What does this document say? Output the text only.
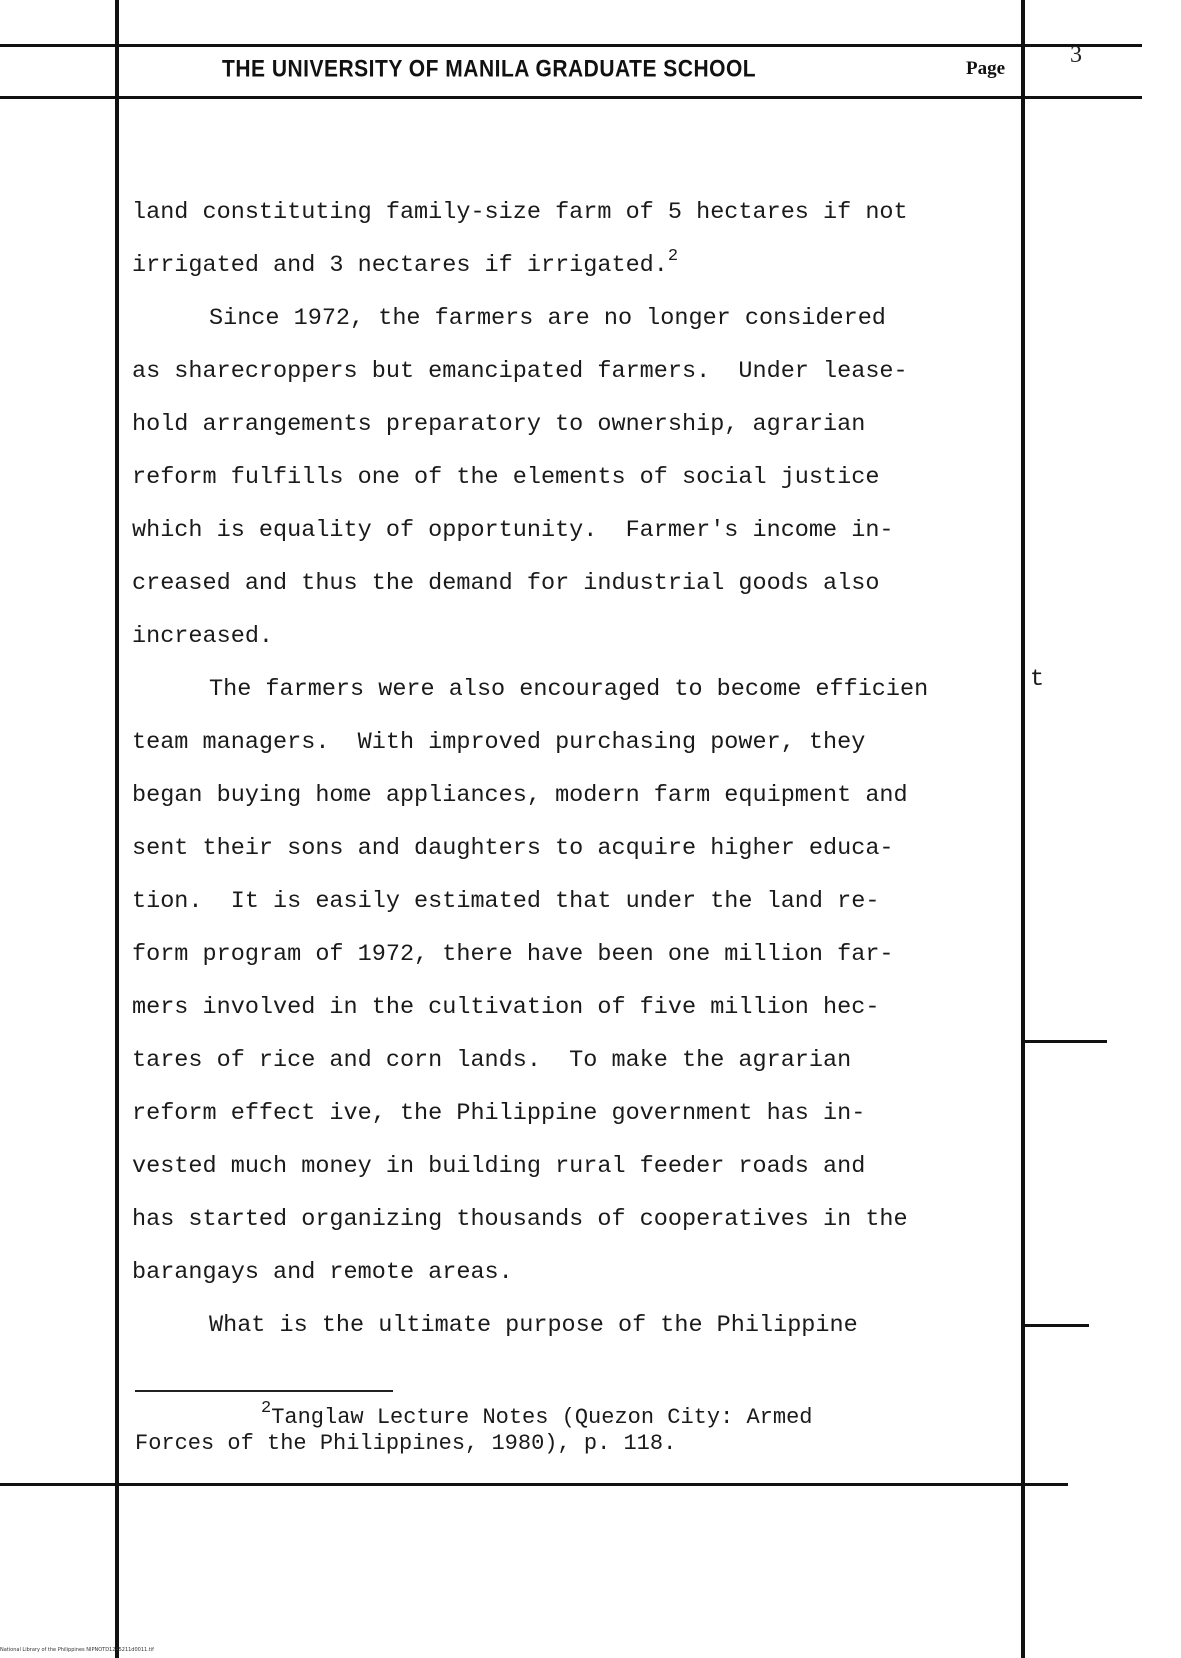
THE UNIVERSITY OF MANILA GRADUATE SCHOOL	Page
3
land constituting family-size farm of 5 hectares if not
irrigated and 3 nectares if irrigated.$^2$
Since 1972, the farmers are no longer considered
as sharecroppers but emancipated farmers.  Under lease-
hold arrangements preparatory to ownership, agrarian
reform fulfills one of the elements of social justice
which is equality of opportunity.  Farmer's income in-
creased and thus the demand for industrial goods also
increased.
The farmers were also encouraged to become efficien
team managers.  With improved purchasing power, they
began buying home appliances, modern farm equipment and
sent their sons and daughters to acquire higher educa-
tion.  It is easily estimated that under the land re-
form program of 1972, there have been one million far-
mers involved in the cultivation of five million hec-
tares of rice and corn lands.  To make the agrarian
reform effect ive, the Philippine government has in-
vested much money in building rural feeder roads and
has started organizing thousands of cooperatives in the
barangays and remote areas.
What is the ultimate purpose of the Philippine
t
$^2$Tanglaw Lecture Notes (Quezon City: Armed
Forces of the Philippines, 1980), p. 118.
National Library of the Philippines NIPNOTD1245211d0011.tif
